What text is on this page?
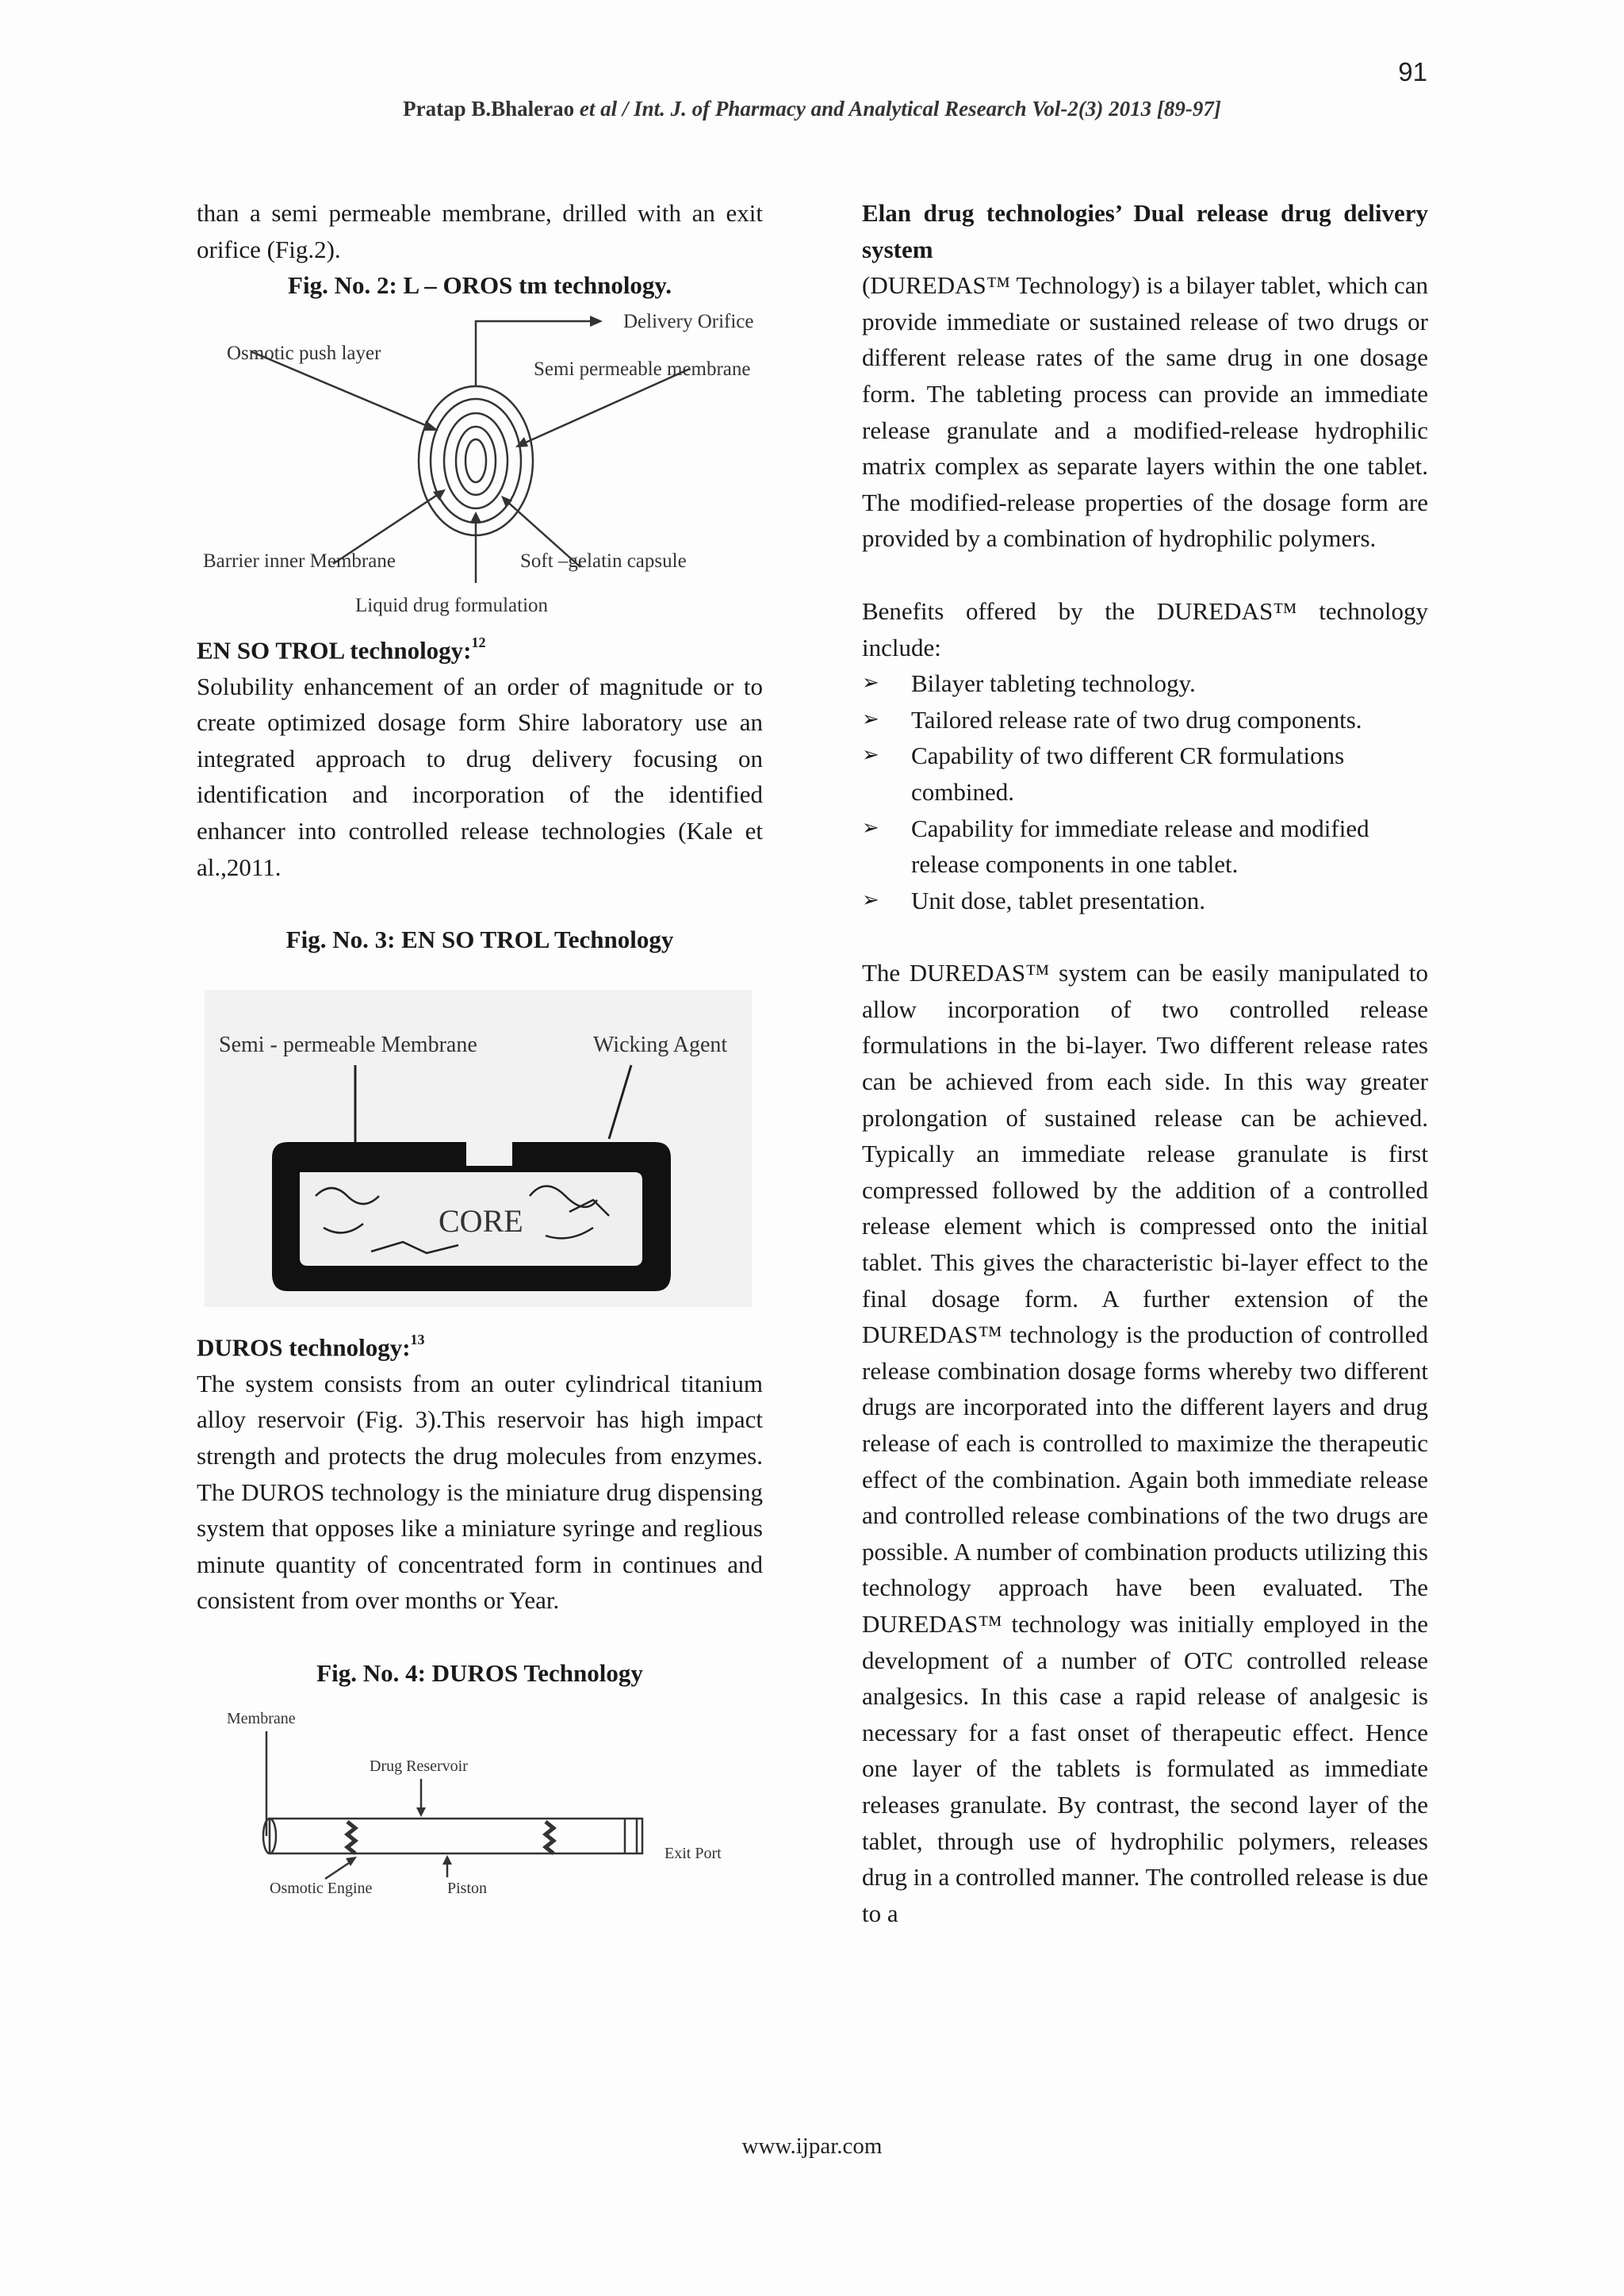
91
Pratap B.Bhalerao et al / Int. J. of Pharmacy and Analytical Research Vol-2(3) 2013 [89-97]

than a semi permeable membrane, drilled with an exit orifice (Fig.2).

Fig. No. 2: L – OROS tm technology.

Delivery Orifice
Osmotic push layer
Semi permeable membrane
Barrier inner Membrane	Soft –gelatin capsule
Liquid drug formulation

EN SO TROL technology:$^{12}$

Solubility enhancement of an order of magnitude or to create optimized dosage form Shire laboratory use an integrated approach to drug delivery focusing on identification and incorporation of the identified enhancer into controlled release technologies (Kale et al.,2011.

Fig. No. 3: EN SO TROL Technology

Semi - permeable Membrane	Wicking Agent
CORE

DUROS technology:$^{13}$

The system consists from an outer cylindrical titanium alloy reservoir (Fig. 3).This reservoir has high impact strength and protects the drug molecules from enzymes. The DUROS technology is the miniature drug dispensing system that opposes like a miniature syringe and reglious minute quantity of concentrated form in continues and consistent from over months or Year.

Fig. No. 4: DUROS Technology

Membrane
Drug Reservoir
Exit Port
Osmotic Engine	Piston

Elan drug technologies’ Dual release drug delivery system

(DUREDAS™ Technology) is a bilayer tablet, which can provide immediate or sustained release of two drugs or different release rates of the same drug in one dosage form. The tableting process can provide an immediate release granulate and a modified-release hydrophilic matrix complex as separate layers within the one tablet. The modified-release properties of the dosage form are provided by a combination of hydrophilic polymers.

Benefits offered by the DUREDAS™ technology include:

➢	Bilayer tableting technology.
➢	Tailored release rate of two drug components.
➢	Capability of two different CR formulations combined.
➢	Capability for immediate release and modified release components in one tablet.
➢	Unit dose, tablet presentation.

The DUREDAS™ system can be easily manipulated to allow incorporation of two controlled release formulations in the bi-layer. Two different release rates can be achieved from each side. In this way greater prolongation of sustained release can be achieved. Typically an immediate release granulate is first compressed followed by the addition of a controlled release element which is compressed onto the initial tablet. This gives the characteristic bi-layer effect to the final dosage form. A further extension of the DUREDAS™ technology is the production of controlled release combination dosage forms whereby two different drugs are incorporated into the different layers and drug release of each is controlled to maximize the therapeutic effect of the combination. Again both immediate release and controlled release combinations of the two drugs are possible. A number of combination products utilizing this technology approach have been evaluated. The DUREDAS™ technology was initially employed in the development of a number of OTC controlled release analgesics. In this case a rapid release of analgesic is necessary for a fast onset of therapeutic effect. Hence one layer of the tablets is formulated as immediate releases granulate. By contrast, the second layer of the tablet, through use of hydrophilic polymers, releases drug in a controlled manner. The controlled release is due to a

www.ijpar.com
